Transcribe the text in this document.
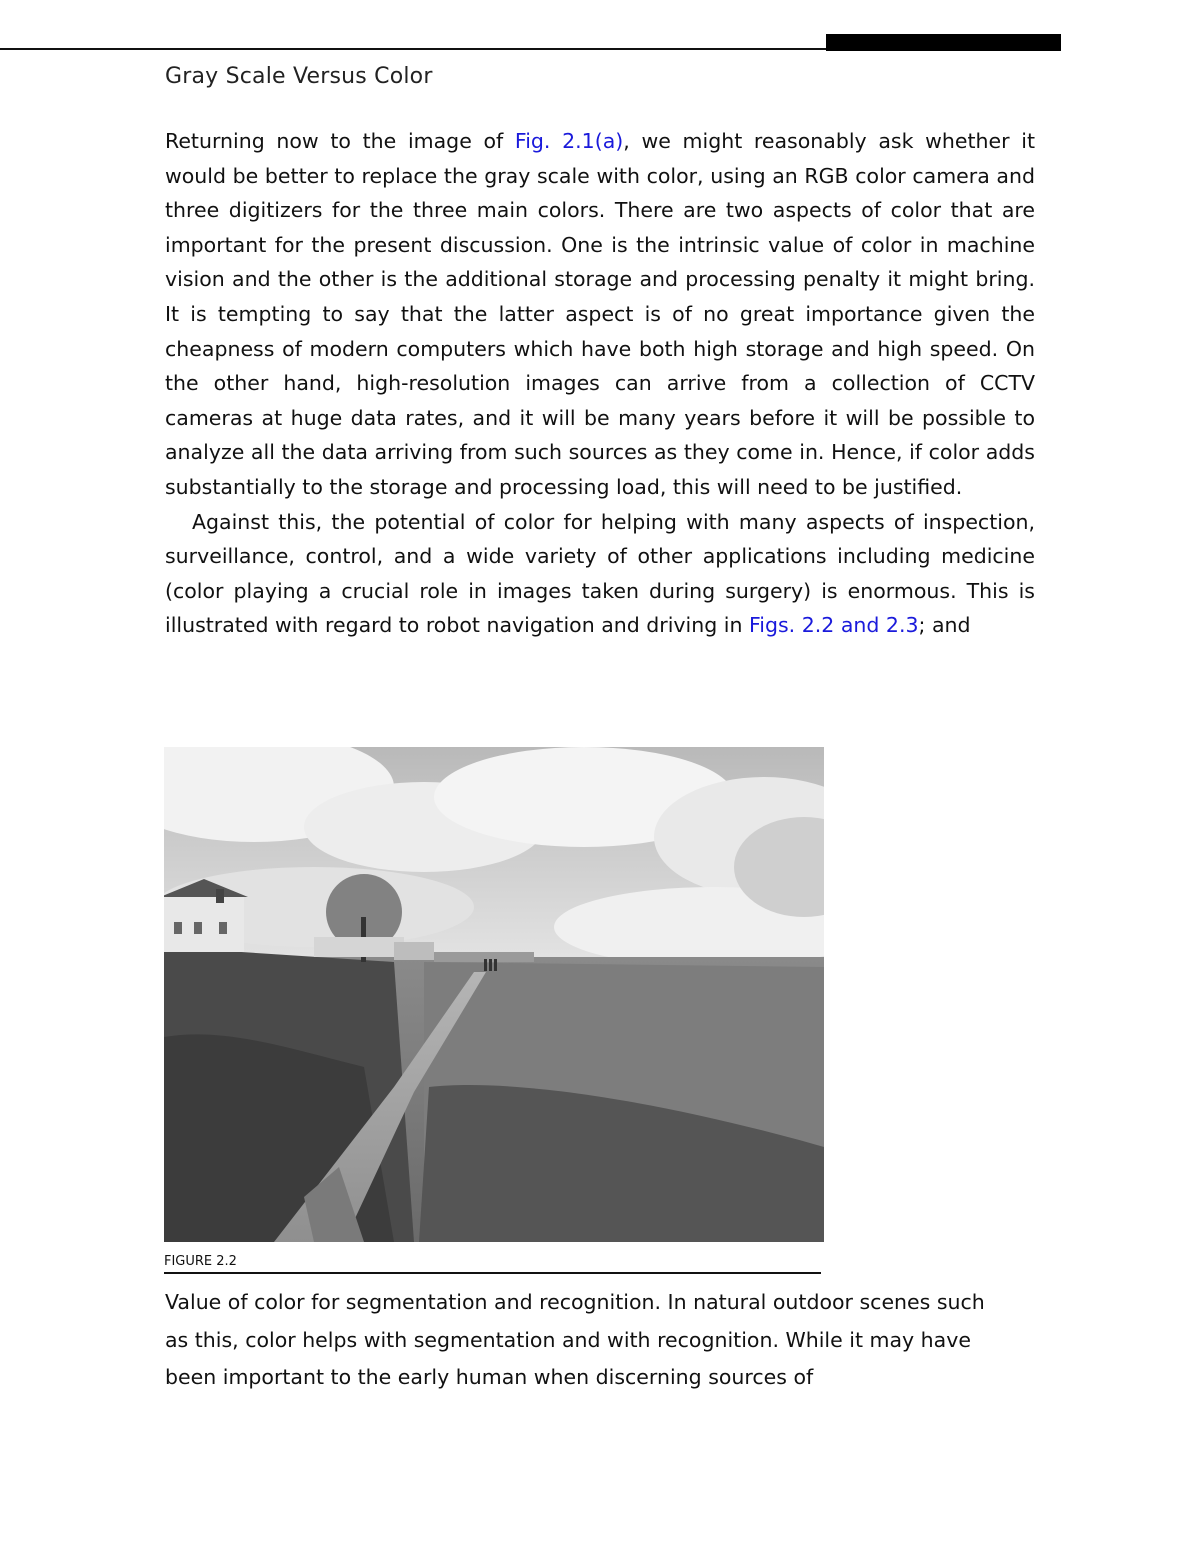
Gray Scale Versus Color

Returning now to the image of Fig. 2.1(a), we might reasonably ask whether it would be better to replace the gray scale with color, using an RGB color camera and three digitizers for the three main colors. There are two aspects of color that are important for the present discussion. One is the intrinsic value of color in machine vision and the other is the additional storage and processing penalty it might bring. It is tempting to say that the latter aspect is of no great importance given the cheapness of modern computers which have both high storage and high speed. On the other hand, high-resolution images can arrive from a collection of CCTV cameras at huge data rates, and it will be many years before it will be possible to analyze all the data arriving from such sources as they come in. Hence, if color adds substantially to the storage and processing load, this will need to be justified.

Against this, the potential of color for helping with many aspects of inspection, surveillance, control, and a wide variety of other applications including medicine (color playing a crucial role in images taken during surgery) is enormous. This is illustrated with regard to robot navigation and driving in Figs. 2.2 and 2.3; and

FIGURE 2.2
Value of color for segmentation and recognition. In natural outdoor scenes such as this, color helps with segmentation and with recognition. While it may have been important to the early human when discerning sources of
